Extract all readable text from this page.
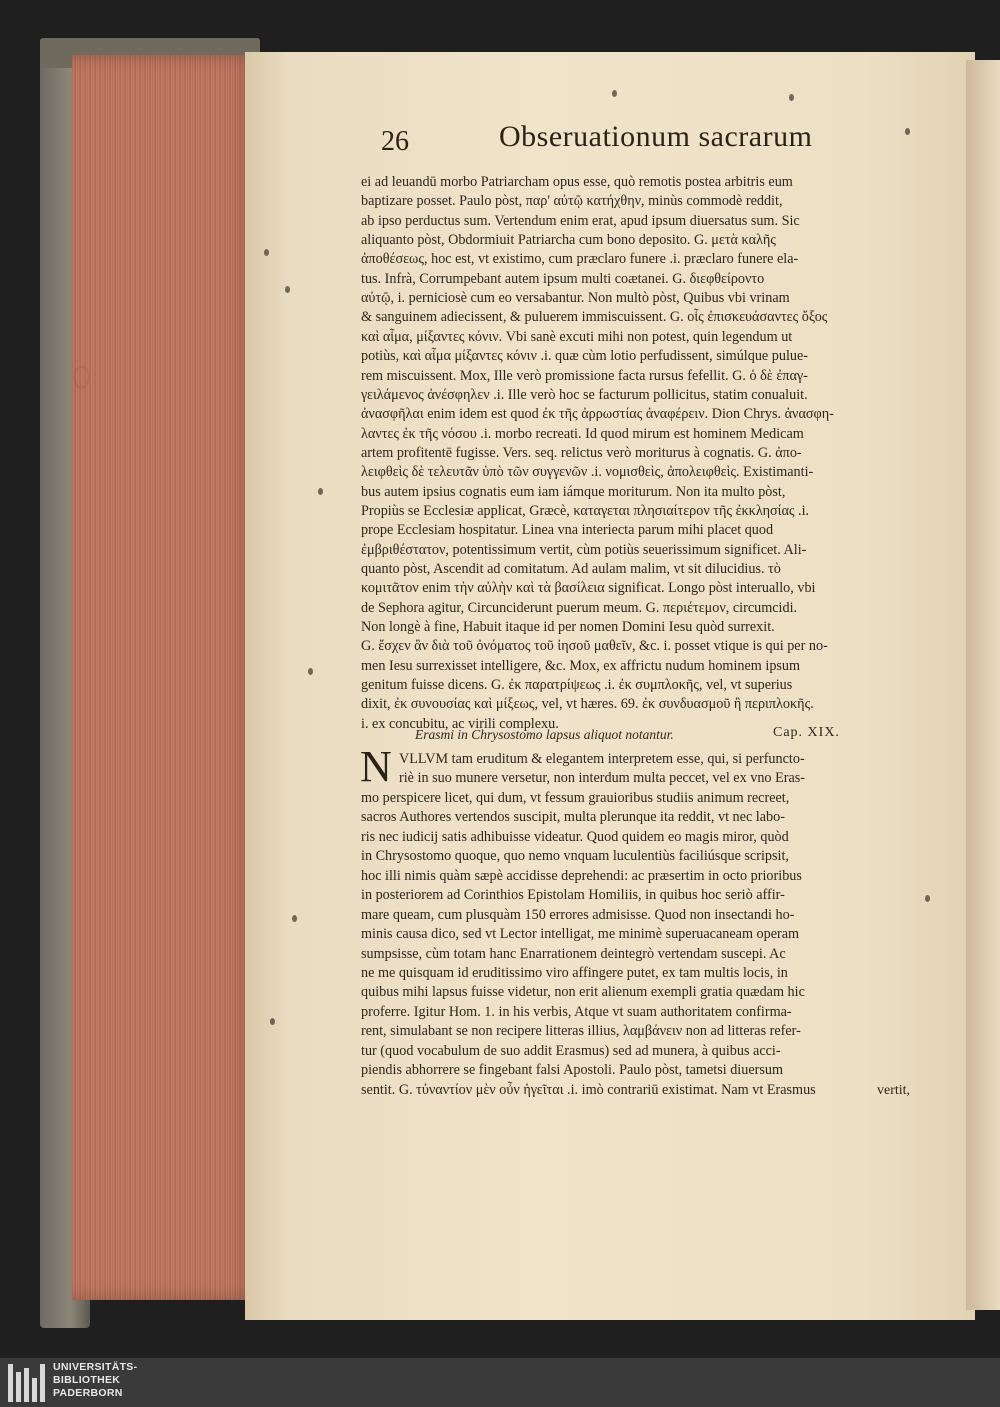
◦
26	Obseruationum sacrarum
ei ad leuandū morbo Patriarcham opus esse, quò remotis postea arbitris eum
baptizare posset. Paulo pòst, παρ' αὐτῷ κατήχθην, minùs commodè reddit,
ab ipso perductus sum. Vertendum enim erat, apud ipsum diuersatus sum. Sic
aliquanto pòst, Obdormiuit Patriarcha cum bono deposito. G. μετὰ καλῆς
ἀποθέσεως, hoc est, vt existimo, cum præclaro funere .i. præclaro funere ela-
tus. Infrà, Corrumpebant autem ipsum multi coætanei. G. διεφθείροντο
αὐτῷ, i. perniciosè cum eo versabantur. Non multò pòst, Quibus vbi vrinam
& sanguinem adiecissent, & puluerem immiscuissent. G. οἷς ἐπισκευάσαντες ὄξος
καὶ αἷμα, μίξαντες κόνιν. Vbi sanè excuti mihi non potest, quin legendum ut
potiùs, καὶ αἷμα μίξαντες κόνιν .i. quæ cùm lotio perfudissent, simúlque pulue-
rem miscuissent. Mox, Ille verò promissione facta rursus fefellit. G. ὁ δὲ ἐπαγ-
γειλάμενος ἀνέσφηλεν .i. Ille verò hoc se facturum pollicitus, statim conualuit.
ἀνασφῆλαι enim idem est quod ἐκ τῆς ἀρρωστίας ἀναφέρειν. Dion Chrys. ἀνασφη-
λαντες ἐκ τῆς νόσου .i. morbo recreati. Id quod mirum est hominem Medicam
artem profitentē fugisse. Vers. seq. relictus verò moriturus à cognatis. G. ἀπο-
λειφθεὶς δὲ τελευτᾶν ὑπὸ τῶν συγγενῶν .i. νομισθεὶς, ἀπολειφθεὶς. Existimanti-
bus autem ipsius cognatis eum iam iámque moriturum. Non ita multo pòst,
Propiùs se Ecclesiæ applicat, Græcè, καταγεται πλησιαίτερον τῆς ἐκκλησίας .i.
prope Ecclesiam hospitatur. Linea vna interiecta parum mihi placet quod
ἐμβριθέστατον, potentissimum vertit, cùm potiùs seuerissimum significet. Ali-
quanto pòst, Ascendit ad comitatum. Ad aulam malim, vt sit dilucidius. τὸ
κομιτᾶτον enim τὴν αὐλὴν καὶ τὰ βασίλεια significat. Longo pòst interuallo, vbi
de Sephora agitur, Circunciderunt puerum meum. G. περιέτεμον, circumcidi.
Non longè à fine, Habuit itaque id per nomen Domini Iesu quòd surrexit.
G. ἔσχεν ἂν διὰ τοῦ ὀνόματος τοῦ ἰησοῦ μαθεῖν, &c. i. posset vtique is qui per no-
men Iesu surrexisset intelligere, &c. Mox, ex affrictu nudum hominem ipsum
genitum fuisse dicens. G. ἐκ παρατρίψεως .i. ἐκ συμπλοκῆς, vel, vt superius
dixit, ἐκ συνουσίας καὶ μίξεως, vel, vt hæres. 69. ἐκ συνδυασμοῦ ἢ περιπλοκῆς.
i. ex concubitu, ac virili complexu.
Erasmi in Chrysostomo lapsus aliquot notantur.	Cap. XIX.
N VLLVM tam eruditum & elegantem interpretem esse, qui, si perfuncto-
riè in suo munere versetur, non interdum multa peccet, vel ex vno Eras-
mo perspicere licet, qui dum, vt fessum grauioribus studiis animum recreet,
sacros Authores vertendos suscipit, multa plerunque ita reddit, vt nec labo-
ris nec iudicij satis adhibuisse videatur. Quod quidem eo magis miror, quòd
in Chrysostomo quoque, quo nemo vnquam luculentiùs faciliúsque scripsit,
hoc illi nimis quàm sæpè accidisse deprehendi: ac præsertim in octo prioribus
in posteriorem ad Corinthios Epistolam Homiliis, in quibus hoc seriò affir-
mare queam, cum plusquàm 150 errores admisisse. Quod non insectandi ho-
minis causa dico, sed vt Lector intelligat, me minimè superuacaneam operam
sumpsisse, cùm totam hanc Enarrationem deintegrò vertendam suscepi. Ac
ne me quisquam id eruditissimo viro affingere putet, ex tam multis locis, in
quibus mihi lapsus fuisse videtur, non erit alienum exempli gratia quædam hic
proferre. Igitur Hom. 1. in his verbis, Atque vt suam authoritatem confirma-
rent, simulabant se non recipere litteras illius, λαμβάνειν non ad litteras refer-
tur (quod vocabulum de suo addit Erasmus) sed ad munera, à quibus acci-
piendis abhorrere se fingebant falsi Apostoli. Paulo pòst, tametsi diuersum
sentit. G. τὐναντίον μὲν οὖν ἡγεῖται .i. imò contrariū existimat. Nam vt Erasmus	vertit,
UNIVERSITÄTS-
BIBLIOTHEK
PADERBORN
